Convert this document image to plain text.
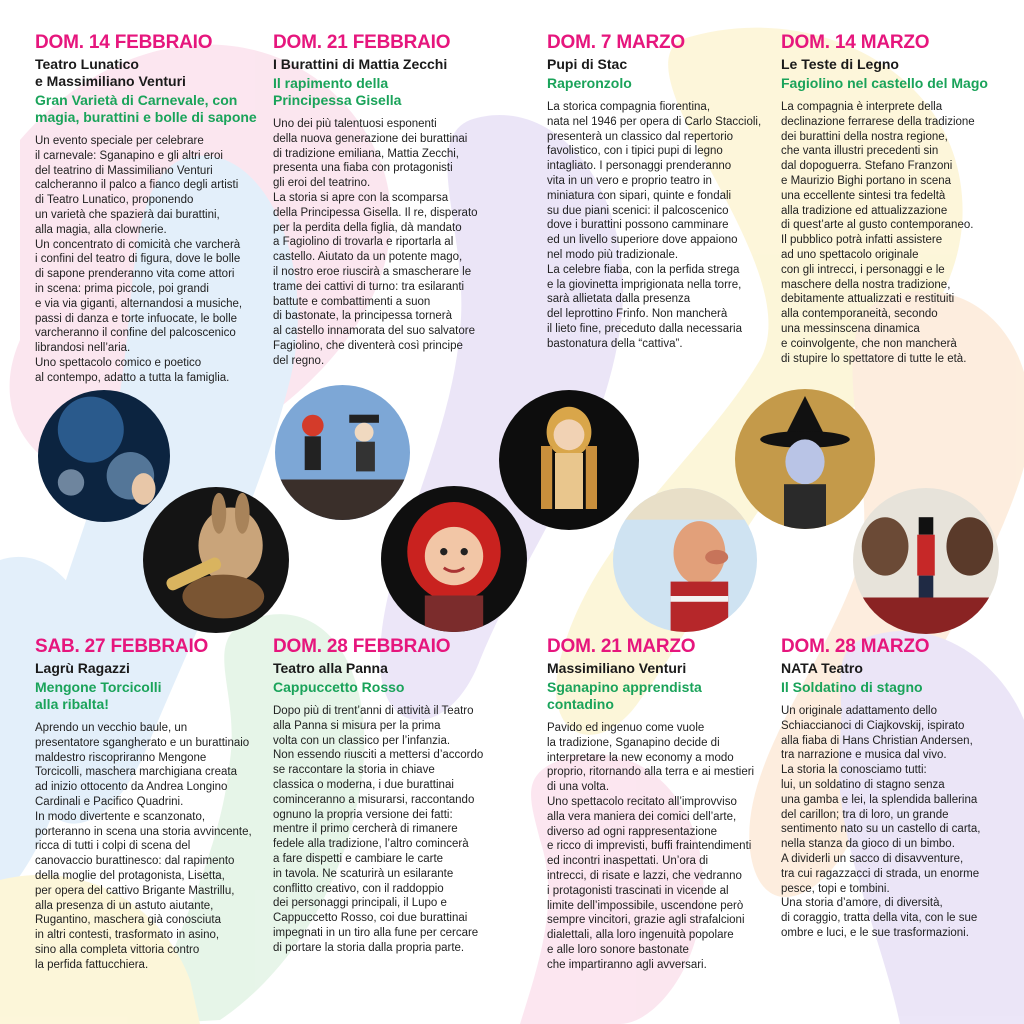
DOM. 14 FEBBRAIO
Teatro Lunatico
e Massimiliano Venturi
Gran Varietà di Carnevale, con
magia, burattini e bolle di sapone
Un evento speciale per celebrare
il carnevale: Sganapino e gli altri eroi
del teatrino di Massimiliano Venturi
calcheranno il palco a fianco degli artisti
di Teatro Lunatico, proponendo
un varietà che spazierà dai burattini,
alla magia, alla clownerie.
Un concentrato di comicità che varcherà
i confini del teatro di figura, dove le bolle
di sapone prenderanno vita come attori
in scena: prima piccole, poi grandi
e via via giganti, alternandosi a musiche,
passi di danza e torte infuocate, le bolle
varcheranno il confine del palcoscenico
librandosi nell’aria.
Uno spettacolo comico e poetico
al contempo, adatto a tutta la famiglia.
DOM. 21 FEBBRAIO
I Burattini di Mattia Zecchi
Il rapimento della
Principessa Gisella
Uno dei più talentuosi esponenti
della nuova generazione dei burattinai
di tradizione emiliana, Mattia Zecchi,
presenta una fiaba con protagonisti
gli eroi del teatrino.
La storia si apre con la scomparsa
della Principessa Gisella. Il re, disperato
per la perdita della figlia, dà mandato
a Fagiolino di trovarla e riportarla al
castello. Aiutato da un potente mago,
il nostro eroe riuscirà a smascherare le
trame dei cattivi di turno: tra esilaranti
battute e combattimenti a suon
di bastonate, la principessa tornerà
al castello innamorata del suo salvatore
Fagiolino, che diventerà così principe
del regno.
DOM. 7 MARZO
Pupi di Stac
Raperonzolo
La storica compagnia fiorentina,
nata nel 1946 per opera di Carlo Staccioli,
presenterà un classico dal repertorio
favolistico, con i tipici pupi di legno
intagliato. I personaggi prenderanno
vita in un vero e proprio teatro in
miniatura con sipari, quinte e fondali
su due piani scenici: il palcoscenico
dove i burattini possono camminare
ed un livello superiore dove appaiono
nel modo più tradizionale.
La celebre fiaba, con la perfida strega
e la giovinetta imprigionata nella torre,
sarà allietata dalla presenza
del leprottino Frinfo. Non mancherà
il lieto fine, preceduto dalla necessaria
bastonatura della “cattiva”.
DOM. 14 MARZO
Le Teste di Legno
Fagiolino nel castello del Mago
La compagnia è interprete della
declinazione ferrarese della tradizione
dei burattini della nostra regione,
che vanta illustri precedenti sin
dal dopoguerra. Stefano Franzoni
e Maurizio Bighi portano in scena
una eccellente sintesi tra fedeltà
alla tradizione ed attualizzazione
di quest’arte al gusto contemporaneo.
Il pubblico potrà infatti assistere
ad uno spettacolo originale
con gli intrecci, i personaggi e le
maschere della nostra tradizione,
debitamente attualizzati e restituiti
alla contemporaneità, secondo
una messinscena dinamica
e coinvolgente, che non mancherà
di stupire lo spettatore di tutte le età.
SAB. 27 FEBBRAIO
Lagrù Ragazzi
Mengone Torcicolli
alla ribalta!
Aprendo un vecchio baule, un
presentatore sgangherato e un burattinaio
maldestro riscopriranno Mengone
Torcicolli, maschera marchigiana creata
ad inizio ottocento da Andrea Longino
Cardinali e Pacifico Quadrini.
In modo divertente e scanzonato,
porteranno in scena una storia avvincente,
ricca di tutti i colpi di scena del
canovaccio burattinesco: dal rapimento
della moglie del protagonista, Lisetta,
per opera del cattivo Brigante Mastrillu,
alla presenza di un astuto aiutante,
Rugantino, maschera già conosciuta
in altri contesti, trasformato in asino,
sino alla completa vittoria contro
la perfida fattucchiera.
DOM. 28 FEBBRAIO
Teatro alla Panna
Cappuccetto Rosso
Dopo più di trent’anni di attività il Teatro
alla Panna si misura per la prima
volta con un classico per l’infanzia.
Non essendo riusciti a mettersi d’accordo
se raccontare la storia in chiave
classica o moderna, i due burattinai
cominceranno a misurarsi, raccontando
ognuno la propria versione dei fatti:
mentre il primo cercherà di rimanere
fedele alla tradizione, l’altro comincerà
a fare dispetti e cambiare le carte
in tavola. Ne scaturirà un esilarante
conflitto creativo, con il raddoppio
dei personaggi principali, il Lupo e
Cappuccetto Rosso, coi due burattinai
impegnati in un tiro alla fune per cercare
di portare la storia dalla propria parte.
DOM. 21 MARZO
Massimiliano Venturi
Sganapino apprendista
contadino
Pavido ed ingenuo come vuole
la tradizione, Sganapino decide di
interpretare la new economy a modo
proprio, ritornando alla terra e ai mestieri
di una volta.
Uno spettacolo recitato all’improvviso
alla vera maniera dei comici dell’arte,
diverso ad ogni rappresentazione
e ricco di imprevisti, buffi fraintendimenti
ed incontri inaspettati. Un’ora di
intrecci, di risate e lazzi, che vedranno
i protagonisti trascinati in vicende al
limite dell’impossibile, uscendone però
sempre vincitori, grazie agli strafalcioni
dialettali, alla loro ingenuità popolare
e alle loro sonore bastonate
che impartiranno agli avversari.
DOM. 28 MARZO
NATA Teatro
Il Soldatino di stagno
Un originale adattamento dello
Schiaccianoci di Ciajkovskij, ispirato
alla fiaba di Hans Christian Andersen,
tra narrazione e musica dal vivo.
La storia la conosciamo tutti:
lui, un soldatino di stagno senza
una gamba e lei, la splendida ballerina
del carillon; tra di loro, un grande
sentimento nato su un castello di carta,
nella stanza da gioco di un bimbo.
A dividerli un sacco di disavventure,
tra cui ragazzacci di strada, un enorme
pesce, topi e tombini.
Una storia d’amore, di diversità,
di coraggio, tratta della vita, con le sue
ombre e luci, e le sue trasformazioni.
